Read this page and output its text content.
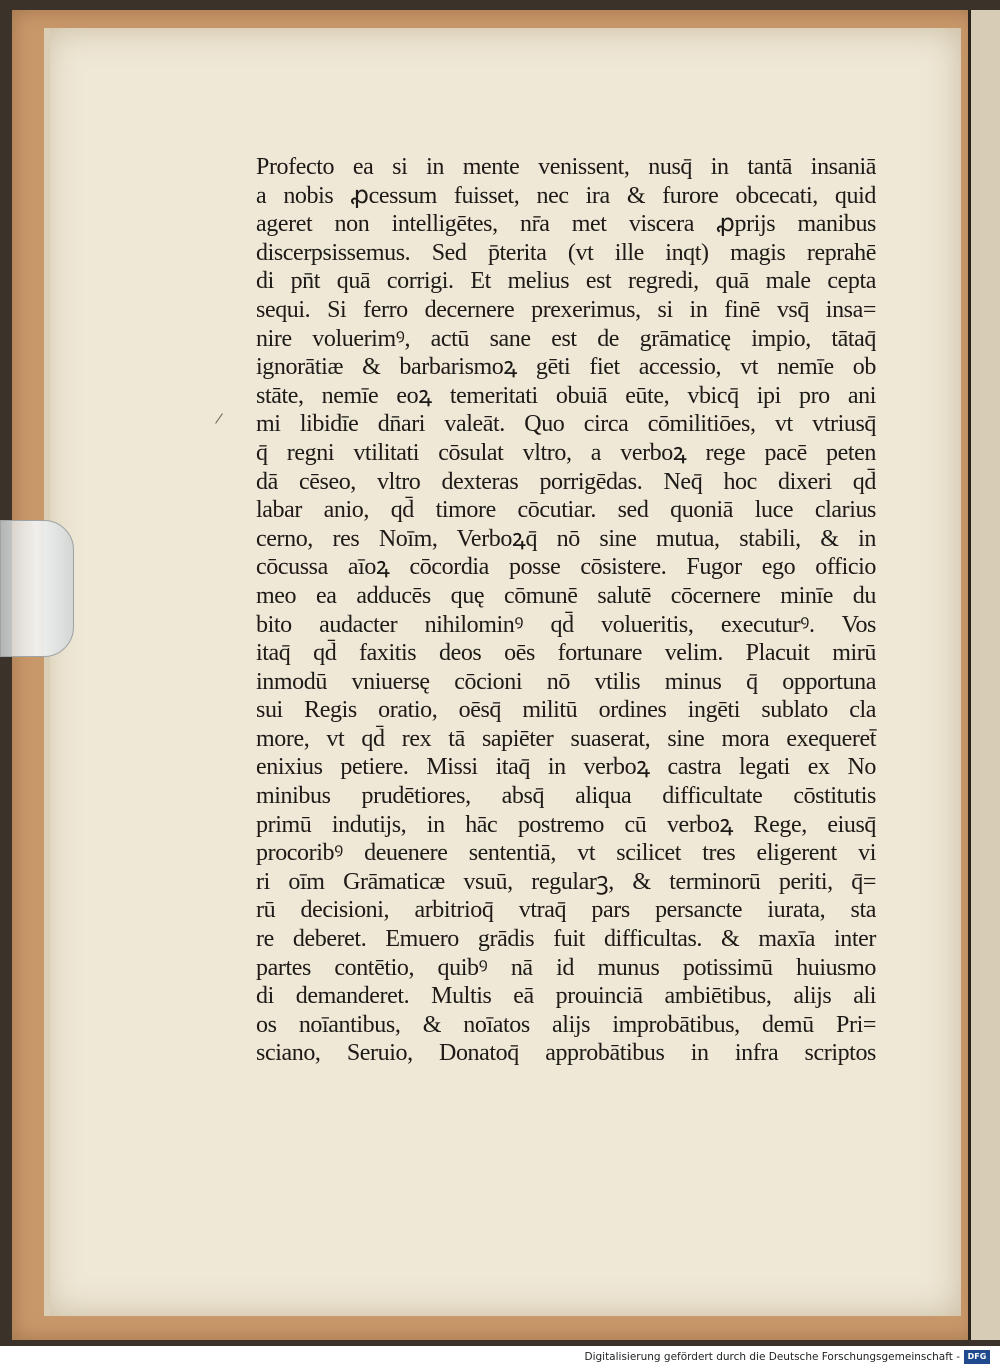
Profecto ea si in mente venissent, nusq̄ in tantā insaniā
a nobis ꝓcessum fuisset, nec ira & furore obcecati, quid
ageret non intelligētes, nr̄a met viscera ꝓprijs manibus
discerpsissemus. Sed p̄terita (vt ille inqt) magis reprahē
di pn̄t quā corrigi. Et melius est regredi, quā male cepta
sequi. Si ferro decernere prexerimus, si in finē vsq̄ insa=
nire voluerimꝰ, actū sane est de grāmaticę impio, tātaq̄
ignorātiæ & barbarismoꝝ gēti fiet accessio, vt nemīe ob
stāte, nemīe eoꝝ temeritati obuiā eūte, vbicq̄ ipi pro ani
mi libidīe dn̄ari valeāt. Quo circa cōmilitiōes, vt vtriusq̄
q̄ regni vtilitati cōsulat vltro, a verboꝝ rege pacē peten
dā cēseo, vltro dexteras porrigēdas. Neq̄ hoc dixeri qd̄
labar anio, qd̄ timore cōcutiar. sed quoniā luce clarius
cerno, res Noīm, Verboꝝq̄ nō sine mutua, stabili, & in
cōcussa aīoꝝ cōcordia posse cōsistere. Fugor ego officio
meo ea adducēs quę cōmunē salutē cōcernere minīe du
bito audacter nihilominꝰ qd̄ volueritis, executurꝰ. Vos
itaq̄ qd̄ faxitis deos oēs fortunare velim. Placuit mirū
inmodū vniuersę cōcioni nō vtilis minus q̄ opportuna
sui Regis oratio, oēsq̄ militū ordines ingēti sublato cla
more, vt qd̄ rex tā sapiēter suaserat, sine mora exequeret̄
enixius petiere. Missi itaq̄ in verboꝝ castra legati ex No
minibus prudētiores, absq̄ aliqua difficultate cōstitutis
primū indutijs, in hāc postremo cū verboꝝ Rege, eiusq̄
procoribꝰ deuenere sententiā, vt scilicet tres eligerent vi
ri oīm Grāmaticæ vsuū, regularꝫ, & terminorū periti, q̄=
rū decisioni, arbitrioq̄ vtraq̄ pars persancte iurata, sta
re deberet. Emuero grādis fuit difficultas. & maxīa inter
partes contētio, quibꝰ nā id munus potissimū huiusmo
di demanderet. Multis eā prouinciā ambiētibus, alijs ali
os noīantibus, & noīatos alijs improbātibus, demū Pri=
sciano, Seruio, Donatoq̄ approbātibus in infra scriptos
Digitalisierung gefördert durch die Deutsche Forschungsgemeinschaft - DFG
